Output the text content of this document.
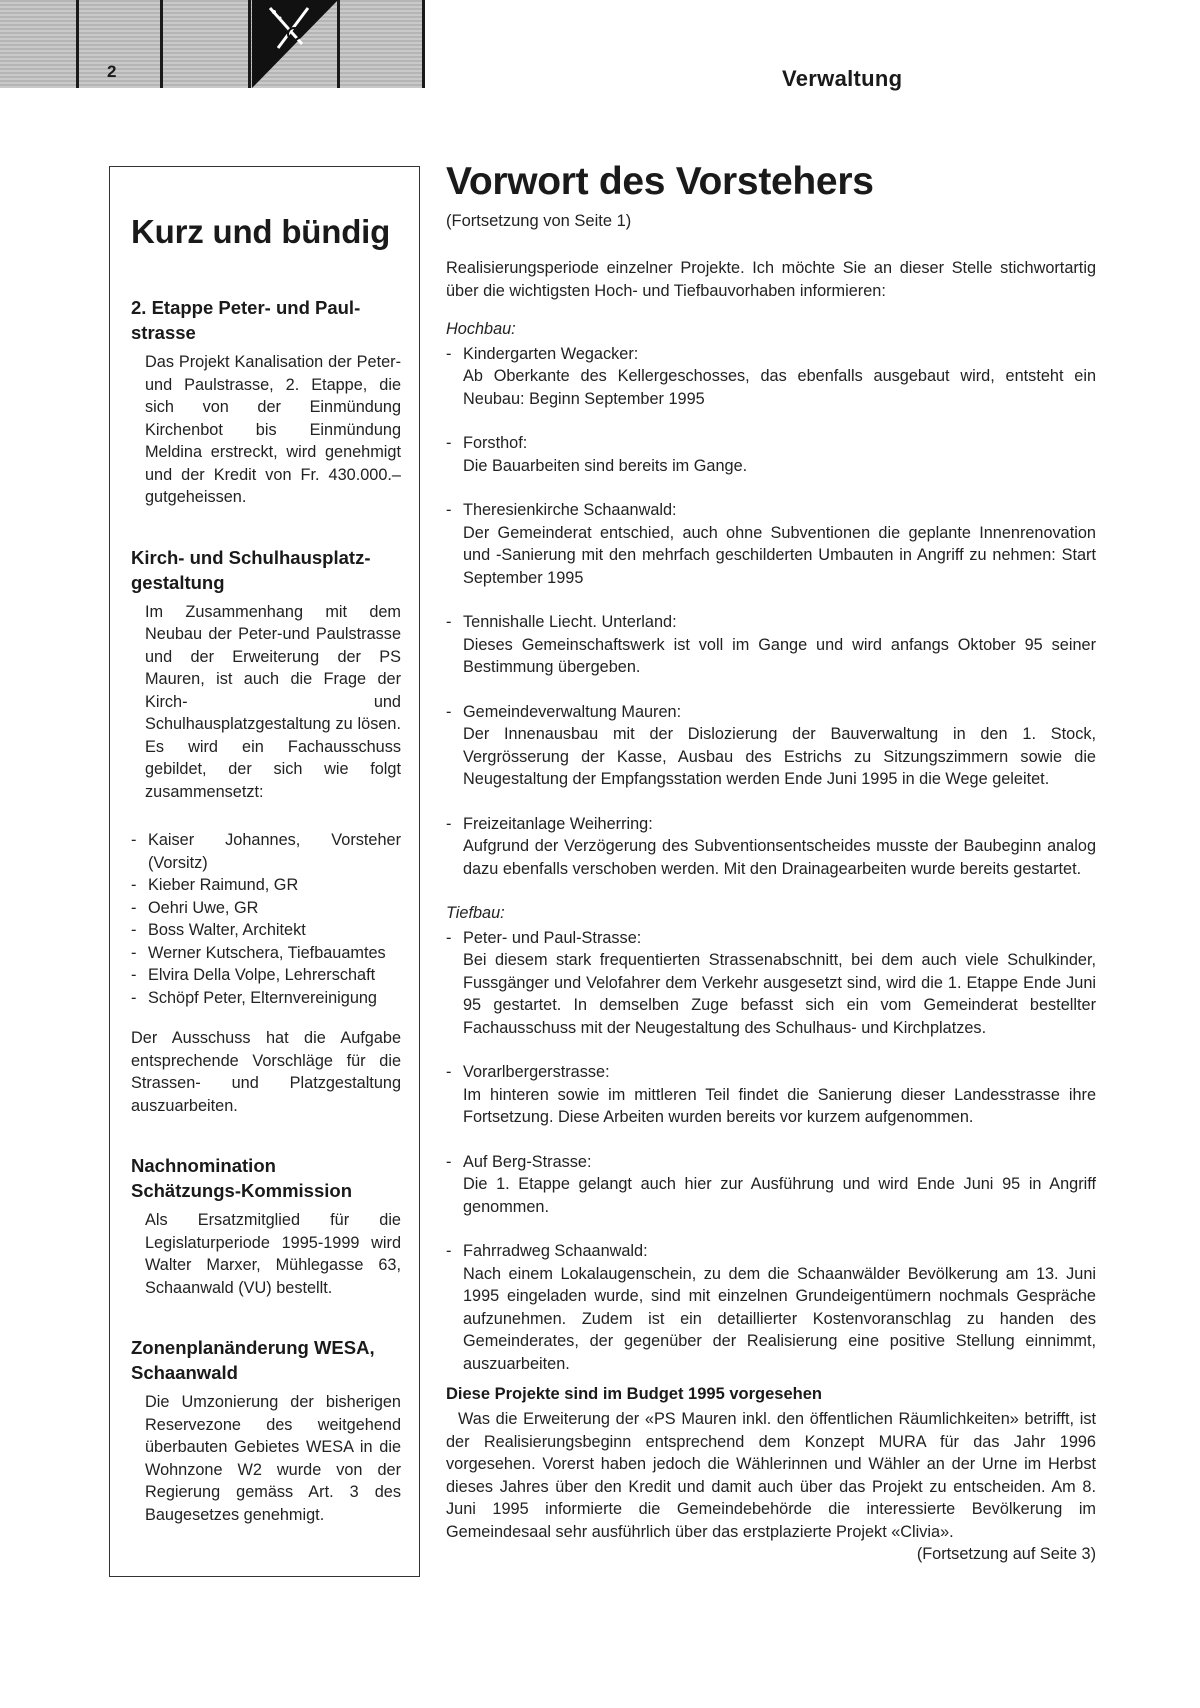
2	Verwaltung
Kurz und bündig
2. Etappe Peter- und Paul-
strasse

Das Projekt Kanalisation der Peter-und Paulstrasse, 2. Etappe, die sich von der Einmündung Kirchenbot bis Einmündung Meldina erstreckt, wird genehmigt und der Kredit von Fr. 430.000.– gutgeheissen.

Kirch- und Schulhausplatz-
gestaltung

Im Zusammenhang mit dem Neubau der Peter-und Paulstrasse und der Erweiterung der PS Mauren, ist auch die Frage der Kirch- und Schulhausplatzgestaltung zu lösen. Es wird ein Fachausschuss gebildet, der sich wie folgt zusammensetzt:

- Kaiser Johannes, Vorsteher (Vorsitz)
- Kieber Raimund, GR
- Oehri Uwe, GR
- Boss Walter, Architekt
- Werner Kutschera, Tiefbauamtes
- Elvira Della Volpe, Lehrerschaft
- Schöpf Peter, Elternvereinigung

Der Ausschuss hat die Aufgabe entsprechende Vorschläge für die Strassen- und Platzgestaltung auszuarbeiten.

Nachnomination
Schätzungs-Kommission

Als Ersatzmitglied für die Legislaturperiode 1995-1999 wird Walter Marxer, Mühlegasse 63, Schaanwald (VU) bestellt.

Zonenplanänderung WESA,
Schaanwald

Die Umzonierung der bisherigen Reservezone des weitgehend überbauten Gebietes WESA in die Wohnzone W2 wurde von der Regierung gemäss Art. 3 des Baugesetzes genehmigt.

Vorwort des Vorstehers

(Fortsetzung von Seite 1)

Realisierungsperiode einzelner Projekte. Ich möchte Sie an dieser Stelle stichwortartig über die wichtigsten Hoch- und Tiefbauvorhaben informieren:

Hochbau:
- Kindergarten Wegacker:
Ab Oberkante des Kellergeschosses, das ebenfalls ausgebaut wird, entsteht ein Neubau: Beginn September 1995
- Forsthof:
Die Bauarbeiten sind bereits im Gange.
- Theresienkirche Schaanwald:
Der Gemeinderat entschied, auch ohne Subventionen die geplante Innenrenovation und -Sanierung mit den mehrfach geschilderten Umbauten in Angriff zu nehmen: Start September 1995
- Tennishalle Liecht. Unterland:
Dieses Gemeinschaftswerk ist voll im Gange und wird anfangs Oktober 95 seiner Bestimmung übergeben.
- Gemeindeverwaltung Mauren:
Der Innenausbau mit der Dislozierung der Bauverwaltung in den 1. Stock, Vergrösserung der Kasse, Ausbau des Estrichs zu Sitzungszimmern sowie die Neugestaltung der Empfangsstation werden Ende Juni 1995 in die Wege geleitet.
- Freizeitanlage Weiherring:
Aufgrund der Verzögerung des Subventionsentscheides musste der Baubeginn analog dazu ebenfalls verschoben werden. Mit den Drainagearbeiten wurde bereits gestartet.
Tiefbau:
- Peter- und Paul-Strasse:
Bei diesem stark frequentierten Strassenabschnitt, bei dem auch viele Schulkinder, Fussgänger und Velofahrer dem Verkehr ausgesetzt sind, wird die 1. Etappe Ende Juni 95 gestartet. In demselben Zuge befasst sich ein vom Gemeinderat bestellter Fachausschuss mit der Neugestaltung des Schulhaus- und Kirchplatzes.
- Vorarlbergerstrasse:
Im hinteren sowie im mittleren Teil findet die Sanierung dieser Landesstrasse ihre Fortsetzung. Diese Arbeiten wurden bereits vor kurzem aufgenommen.
- Auf Berg-Strasse:
Die 1. Etappe gelangt auch hier zur Ausführung und wird Ende Juni 95 in Angriff genommen.
- Fahrradweg Schaanwald:
Nach einem Lokalaugenschein, zu dem die Schaanwälder Bevölkerung am 13. Juni 1995 eingeladen wurde, sind mit einzelnen Grundeigentümern nochmals Gespräche aufzunehmen. Zudem ist ein detaillierter Kostenvoranschlag zu handen des Gemeinderates, der gegenüber der Realisierung eine positive Stellung einnimmt, auszuarbeiten.
Diese Projekte sind im Budget 1995 vorgesehen

Was die Erweiterung der «PS Mauren inkl. den öffentlichen Räumlichkeiten» betrifft, ist der Realisierungsbeginn entsprechend dem Konzept MURA für das Jahr 1996 vorgesehen. Vorerst haben jedoch die Wählerinnen und Wähler an der Urne im Herbst dieses Jahres über den Kredit und damit auch über das Projekt zu entscheiden. Am 8. Juni 1995 informierte die Gemeindebehörde die interessierte Bevölkerung im Gemeindesaal sehr ausführlich über das erstplazierte Projekt «Clivia».
(Fortsetzung auf Seite 3)
